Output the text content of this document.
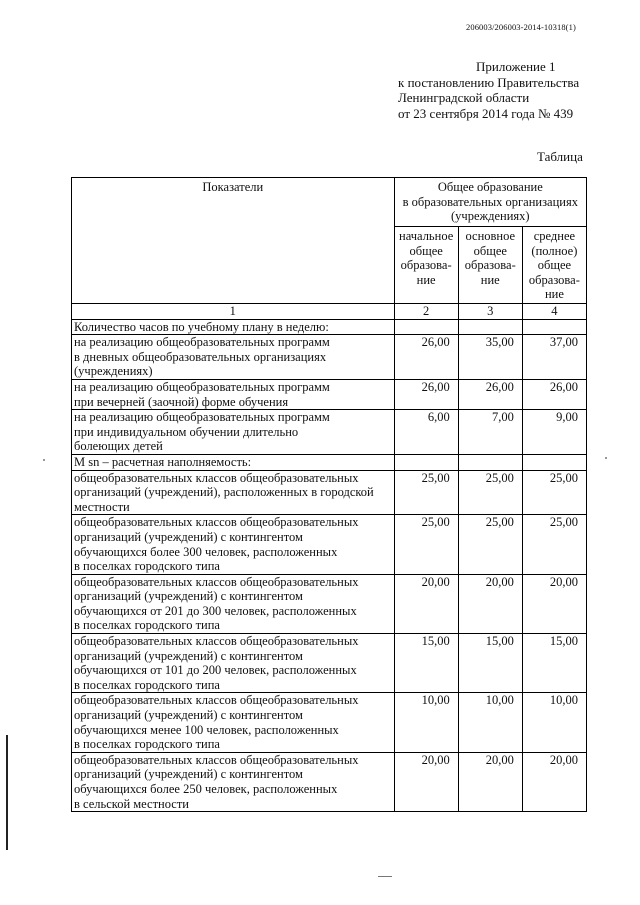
206003/206003-2014-10318(1)
Приложение 1
к постановлению Правительства
Ленинградской области
от 23 сентября 2014 года № 439
Таблица
Показатели	Общее образование
в образовательных организациях
(учреждениях)		

	начальное
общее
образова-
ние	основное
общее
образова-
ние	среднее
(полное)
общее
образова-
ние

1	2	3	4

Количество часов по учебному плану в неделю:			

на реализацию общеобразовательных программ
в дневных общеобразовательных организациях
(учреждениях)	26,00	35,00	37,00

на реализацию общеобразовательных программ
при вечерней (заочной) форме обучения	26,00	26,00	26,00

на реализацию общеобразовательных программ
при индивидуальном обучении длительно
болеющих детей	6,00	7,00	9,00

M sn – расчетная наполняемость:			

общеобразовательных классов общеобразовательных
организаций (учреждений), расположенных в городской
местности	25,00	25,00	25,00

общеобразовательных классов общеобразовательных
организаций (учреждений) с контингентом
обучающихся более 300 человек, расположенных
в поселках городского типа	25,00	25,00	25,00

общеобразовательных классов общеобразовательных
организаций (учреждений) с контингентом
обучающихся от 201 до 300 человек, расположенных
в поселках городского типа	20,00	20,00	20,00

общеобразовательных классов общеобразовательных
организаций (учреждений) с контингентом
обучающихся от 101 до 200 человек, расположенных
в поселках городского типа	15,00	15,00	15,00

общеобразовательных классов общеобразовательных
организаций (учреждений) с контингентом
обучающихся менее 100 человек, расположенных
в поселках городского типа	10,00	10,00	10,00

общеобразовательных классов общеобразовательных
организаций (учреждений) с контингентом
обучающихся более 250 человек, расположенных
в сельской местности	20,00	20,00	20,00
